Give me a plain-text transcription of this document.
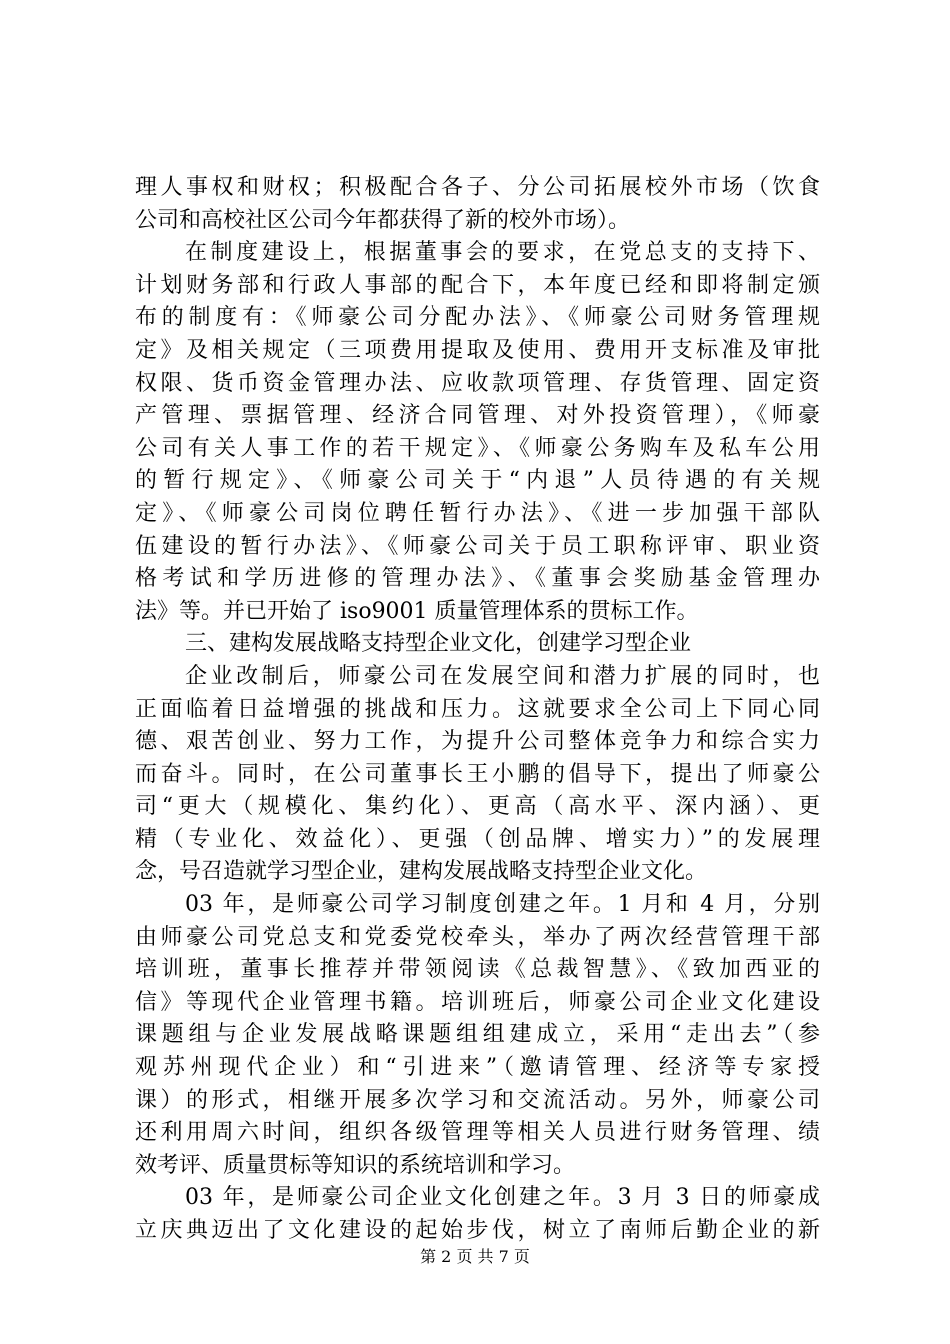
理人事权和财权；积极配合各子、分公司拓展校外市场（饮食
公司和高校社区公司今年都获得了新的校外市场）。
在制度建设上，根据董事会的要求，在党总支的支持下、
计划财务部和行政人事部的配合下，本年度已经和即将制定颁
布的制度有：《师豪公司分配办法》、《师豪公司财务管理规
定》及相关规定（三项费用提取及使用、费用开支标准及审批
权限、货币资金管理办法、应收款项管理、存货管理、固定资
产管理、票据管理、经济合同管理、对外投资管理），《师豪
公司有关人事工作的若干规定》、《师豪公务购车及私车公用
的暂行规定》、《师豪公司关于“内退”人员待遇的有关规
定》、《师豪公司岗位聘任暂行办法》、《进一步加强干部队
伍建设的暂行办法》、《师豪公司关于员工职称评审、职业资
格考试和学历进修的管理办法》、《董事会奖励基金管理办
法》等。并已开始了 iso9001 质量管理体系的贯标工作。
三、建构发展战略支持型企业文化，创建学习型企业
企业改制后，师豪公司在发展空间和潜力扩展的同时，也
正面临着日益增强的挑战和压力。这就要求全公司上下同心同
德、艰苦创业、努力工作，为提升公司整体竞争力和综合实力
而奋斗。同时，在公司董事长王小鹏的倡导下，提出了师豪公
司“更大（规模化、集约化）、更高（高水平、深内涵）、更
精（专业化、效益化）、更强（创品牌、增实力）”的发展理
念，号召造就学习型企业，建构发展战略支持型企业文化。
03 年，是师豪公司学习制度创建之年。1 月和 4 月，分别
由师豪公司党总支和党委党校牵头，举办了两次经营管理干部
培训班，董事长推荐并带领阅读《总裁智慧》、《致加西亚的
信》等现代企业管理书籍。培训班后，师豪公司企业文化建设
课题组与企业发展战略课题组组建成立，采用“走出去”（参
观苏州现代企业）和“引进来”（邀请管理、经济等专家授
课）的形式，相继开展多次学习和交流活动。另外，师豪公司
还利用周六时间，组织各级管理等相关人员进行财务管理、绩
效考评、质量贯标等知识的系统培训和学习。
03 年，是师豪公司企业文化创建之年。3 月 3 日的师豪成
立庆典迈出了文化建设的起始步伐，树立了南师后勤企业的新
第 2 页 共 7 页
